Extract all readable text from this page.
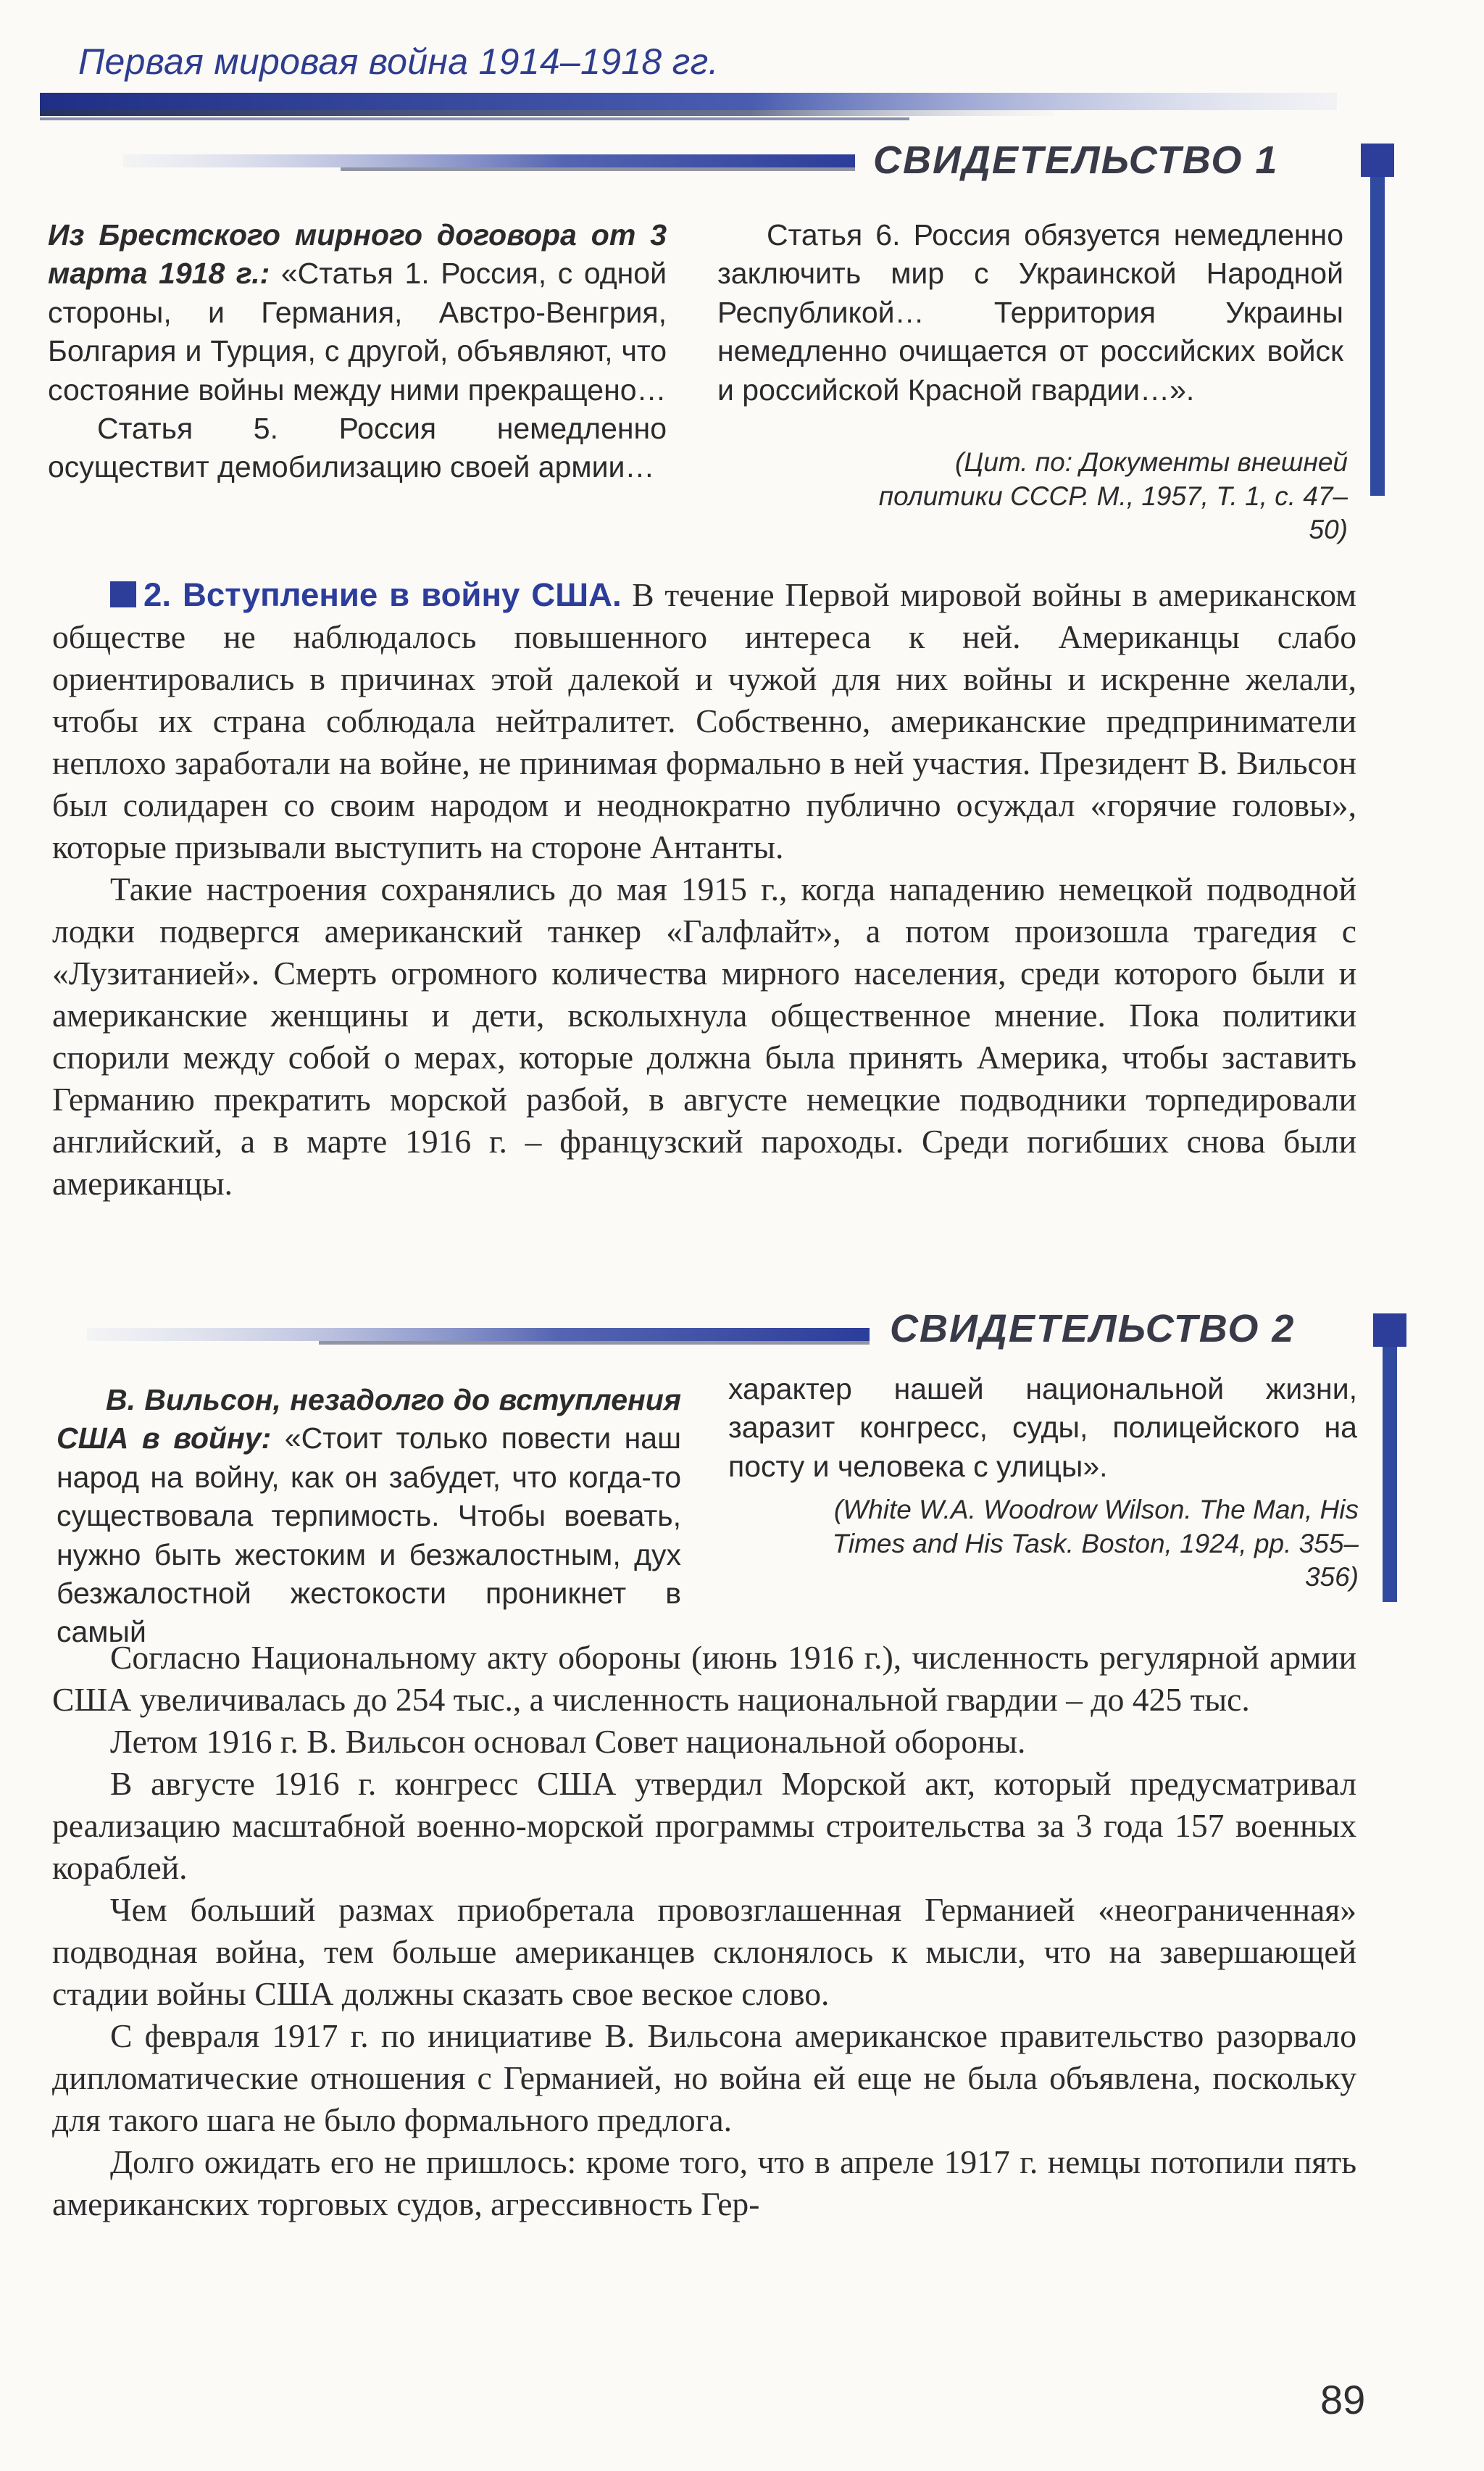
Первая мировая война 1914–1918 гг.
СВИДЕТЕЛЬСТВО 1

Из Брестского мирного договора от 3 марта 1918 г.: «Статья 1. Россия, с одной стороны, и Германия, Австро-Венгрия, Болгария и Турция, с другой, объявляют, что состояние войны между ними прекращено…

Статья 5. Россия немедленно осуществит демобилизацию своей армии…

Статья 6. Россия обязуется немедленно заключить мир с Украинской Народной Республикой… Территория Украины немедленно очищается от российских войск и российской Красной гвардии…».

(Цит. по: Документы внешней политики СССР. М., 1957, Т. 1, с. 47–50)

2. Вступление в войну США. В течение Первой мировой войны в американском обществе не наблюдалось повышенного интереса к ней. Американцы слабо ориентировались в причинах этой далекой и чужой для них войны и искренне желали, чтобы их страна соблюдала нейтралитет. Собственно, американские предприниматели неплохо заработали на войне, не принимая формально в ней участия. Президент В. Вильсон был солидарен со своим народом и неоднократно публично осуждал «горячие головы», которые призывали выступить на стороне Антанты.

Такие настроения сохранялись до мая 1915 г., когда нападению немецкой подводной лодки подвергся американский танкер «Галфлайт», а потом произошла трагедия с «Лузитанией». Смерть огромного количества мирного населения, среди которого были и американские женщины и дети, всколыхнула общественное мнение. Пока политики спорили между собой о мерах, которые должна была принять Америка, чтобы заставить Германию прекратить морской разбой, в августе немецкие подводники торпедировали английский, а в марте 1916 г. – французский пароходы. Среди погибших снова были американцы.

СВИДЕТЕЛЬСТВО 2

В. Вильсон, незадолго до вступления США в войну: «Стоит только повести наш народ на войну, как он забудет, что когда-то существовала терпимость. Чтобы воевать, нужно быть жестоким и безжалостным, дух безжалостной жестокости проникнет в самый

характер нашей национальной жизни, заразит конгресс, суды, полицейского на посту и человека с улицы».

(White W.A. Woodrow Wilson. The Man, His Times and His Task. Boston, 1924, pp. 355–356)

Согласно Национальному акту обороны (июнь 1916 г.), численность регулярной армии США увеличивалась до 254 тыс., а численность национальной гвардии – до 425 тыс.

Летом 1916 г. В. Вильсон основал Совет национальной обороны.

В августе 1916 г. конгресс США утвердил Морской акт, который предусматривал реализацию масштабной военно-морской программы строительства за 3 года 157 военных кораблей.

Чем больший размах приобретала провозглашенная Германией «неограниченная» подводная война, тем больше американцев склонялось к мысли, что на завершающей стадии войны США должны сказать свое веское слово.

С февраля 1917 г. по инициативе В. Вильсона американское правительство разорвало дипломатические отношения с Германией, но война ей еще не была объявлена, поскольку для такого шага не было формального предлога.

Долго ожидать его не пришлось: кроме того, что в апреле 1917 г. немцы потопили пять американских торговых судов, агрессивность Гер-

89
